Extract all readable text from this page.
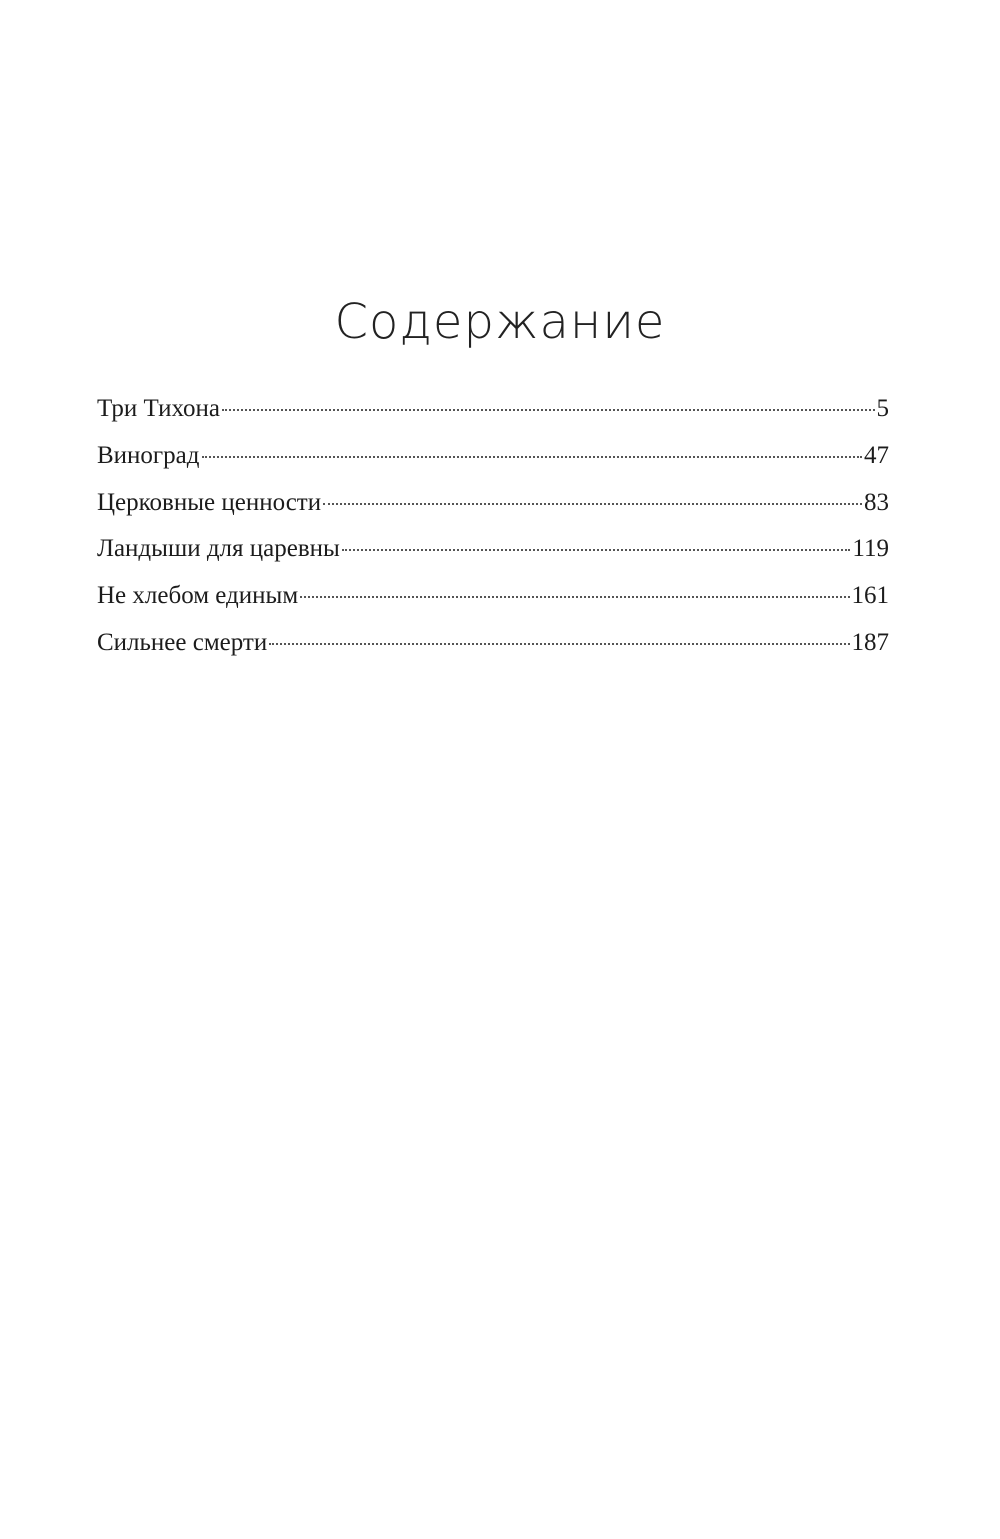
Содержание
Три Тихона	5
Виноград	47
Церковные ценности	83
Ландыши для царевны	119
Не хлебом единым	161
Сильнее смерти	187
